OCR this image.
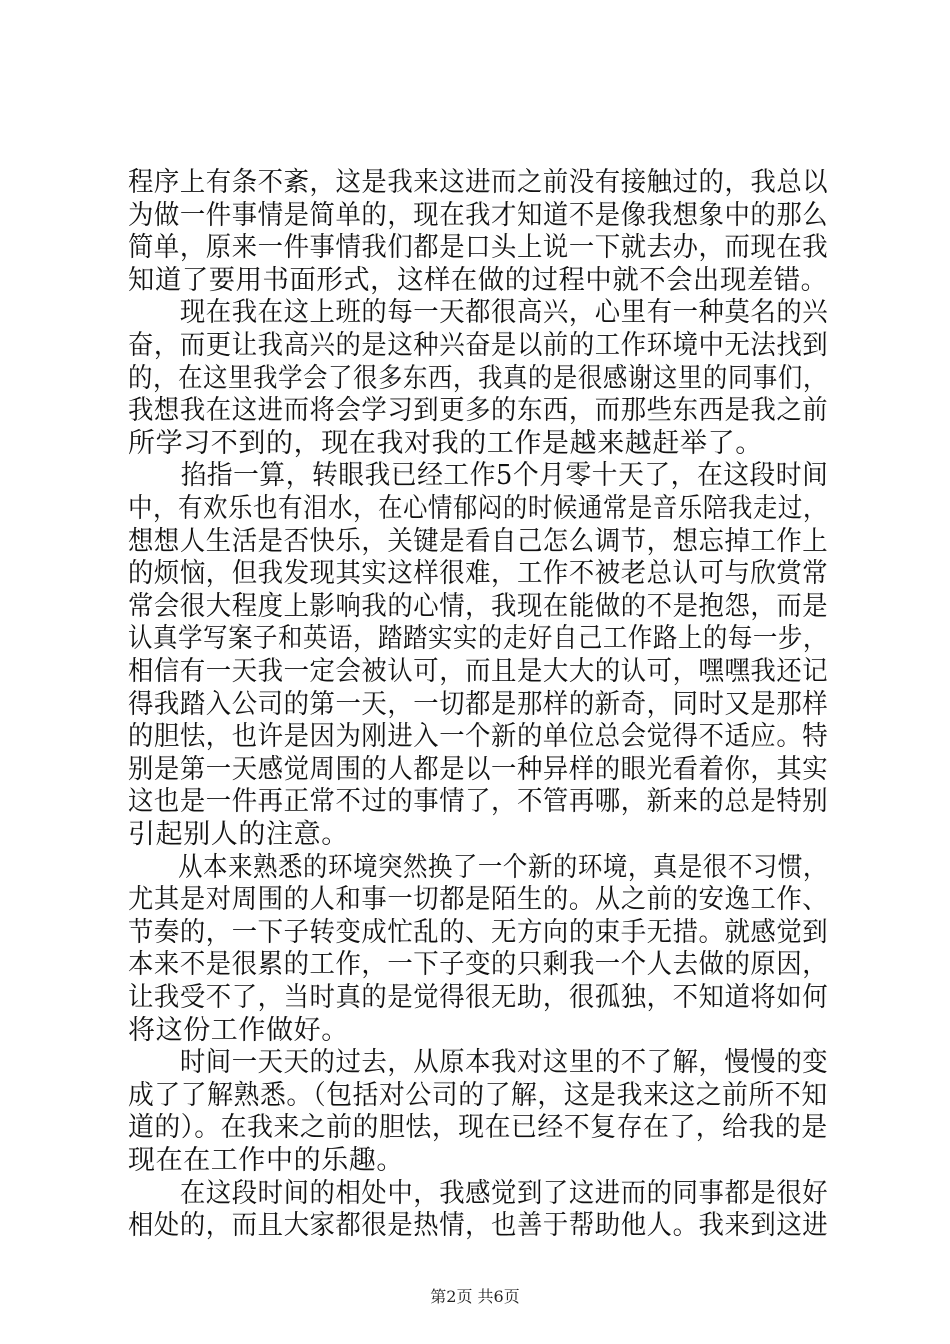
程序上有条不紊，这是我来这进而之前没有接触过的，我总以
为做一件事情是简单的，现在我才知道不是像我想象中的那么
简单，原来一件事情我们都是口头上说一下就去办，而现在我
知道了要用书面形式，这样在做的过程中就不会出现差错。
　　现在我在这上班的每一天都很高兴，心里有一种莫名的兴
奋，而更让我高兴的是这种兴奋是以前的工作环境中无法找到
的，在这里我学会了很多东西，我真的是很感谢这里的同事们，
我想我在这进而将会学习到更多的东西，而那些东西是我之前
所学习不到的，现在我对我的工作是越来越赶举了。
　　掐指一算，转眼我已经工作5个月零十天了，在这段时间
中，有欢乐也有泪水，在心情郁闷的时候通常是音乐陪我走过，
想想人生活是否快乐，关键是看自己怎么调节，想忘掉工作上
的烦恼，但我发现其实这样很难，工作不被老总认可与欣赏常
常会很大程度上影响我的心情，我现在能做的不是抱怨，而是
认真学写案子和英语，踏踏实实的走好自己工作路上的每一步，
相信有一天我一定会被认可，而且是大大的认可，嘿嘿我还记
得我踏入公司的第一天，一切都是那样的新奇，同时又是那样
的胆怯，也许是因为刚进入一个新的单位总会觉得不适应。特
别是第一天感觉周围的人都是以一种异样的眼光看着你，其实
这也是一件再正常不过的事情了，不管再哪，新来的总是特别
引起别人的注意。
　　从本来熟悉的环境突然换了一个新的环境，真是很不习惯，
尤其是对周围的人和事一切都是陌生的。从之前的安逸工作、
节奏的，一下子转变成忙乱的、无方向的束手无措。就感觉到
本来不是很累的工作，一下子变的只剩我一个人去做的原因，
让我受不了，当时真的是觉得很无助，很孤独，不知道将如何
将这份工作做好。
　　时间一天天的过去，从原本我对这里的不了解，慢慢的变
成了了解熟悉。（包括对公司的了解，这是我来这之前所不知
道的）。在我来之前的胆怯，现在已经不复存在了，给我的是
现在在工作中的乐趣。
　　在这段时间的相处中，我感觉到了这进而的同事都是很好
相处的，而且大家都很是热情，也善于帮助他人。我来到这进
第2页 共6页
